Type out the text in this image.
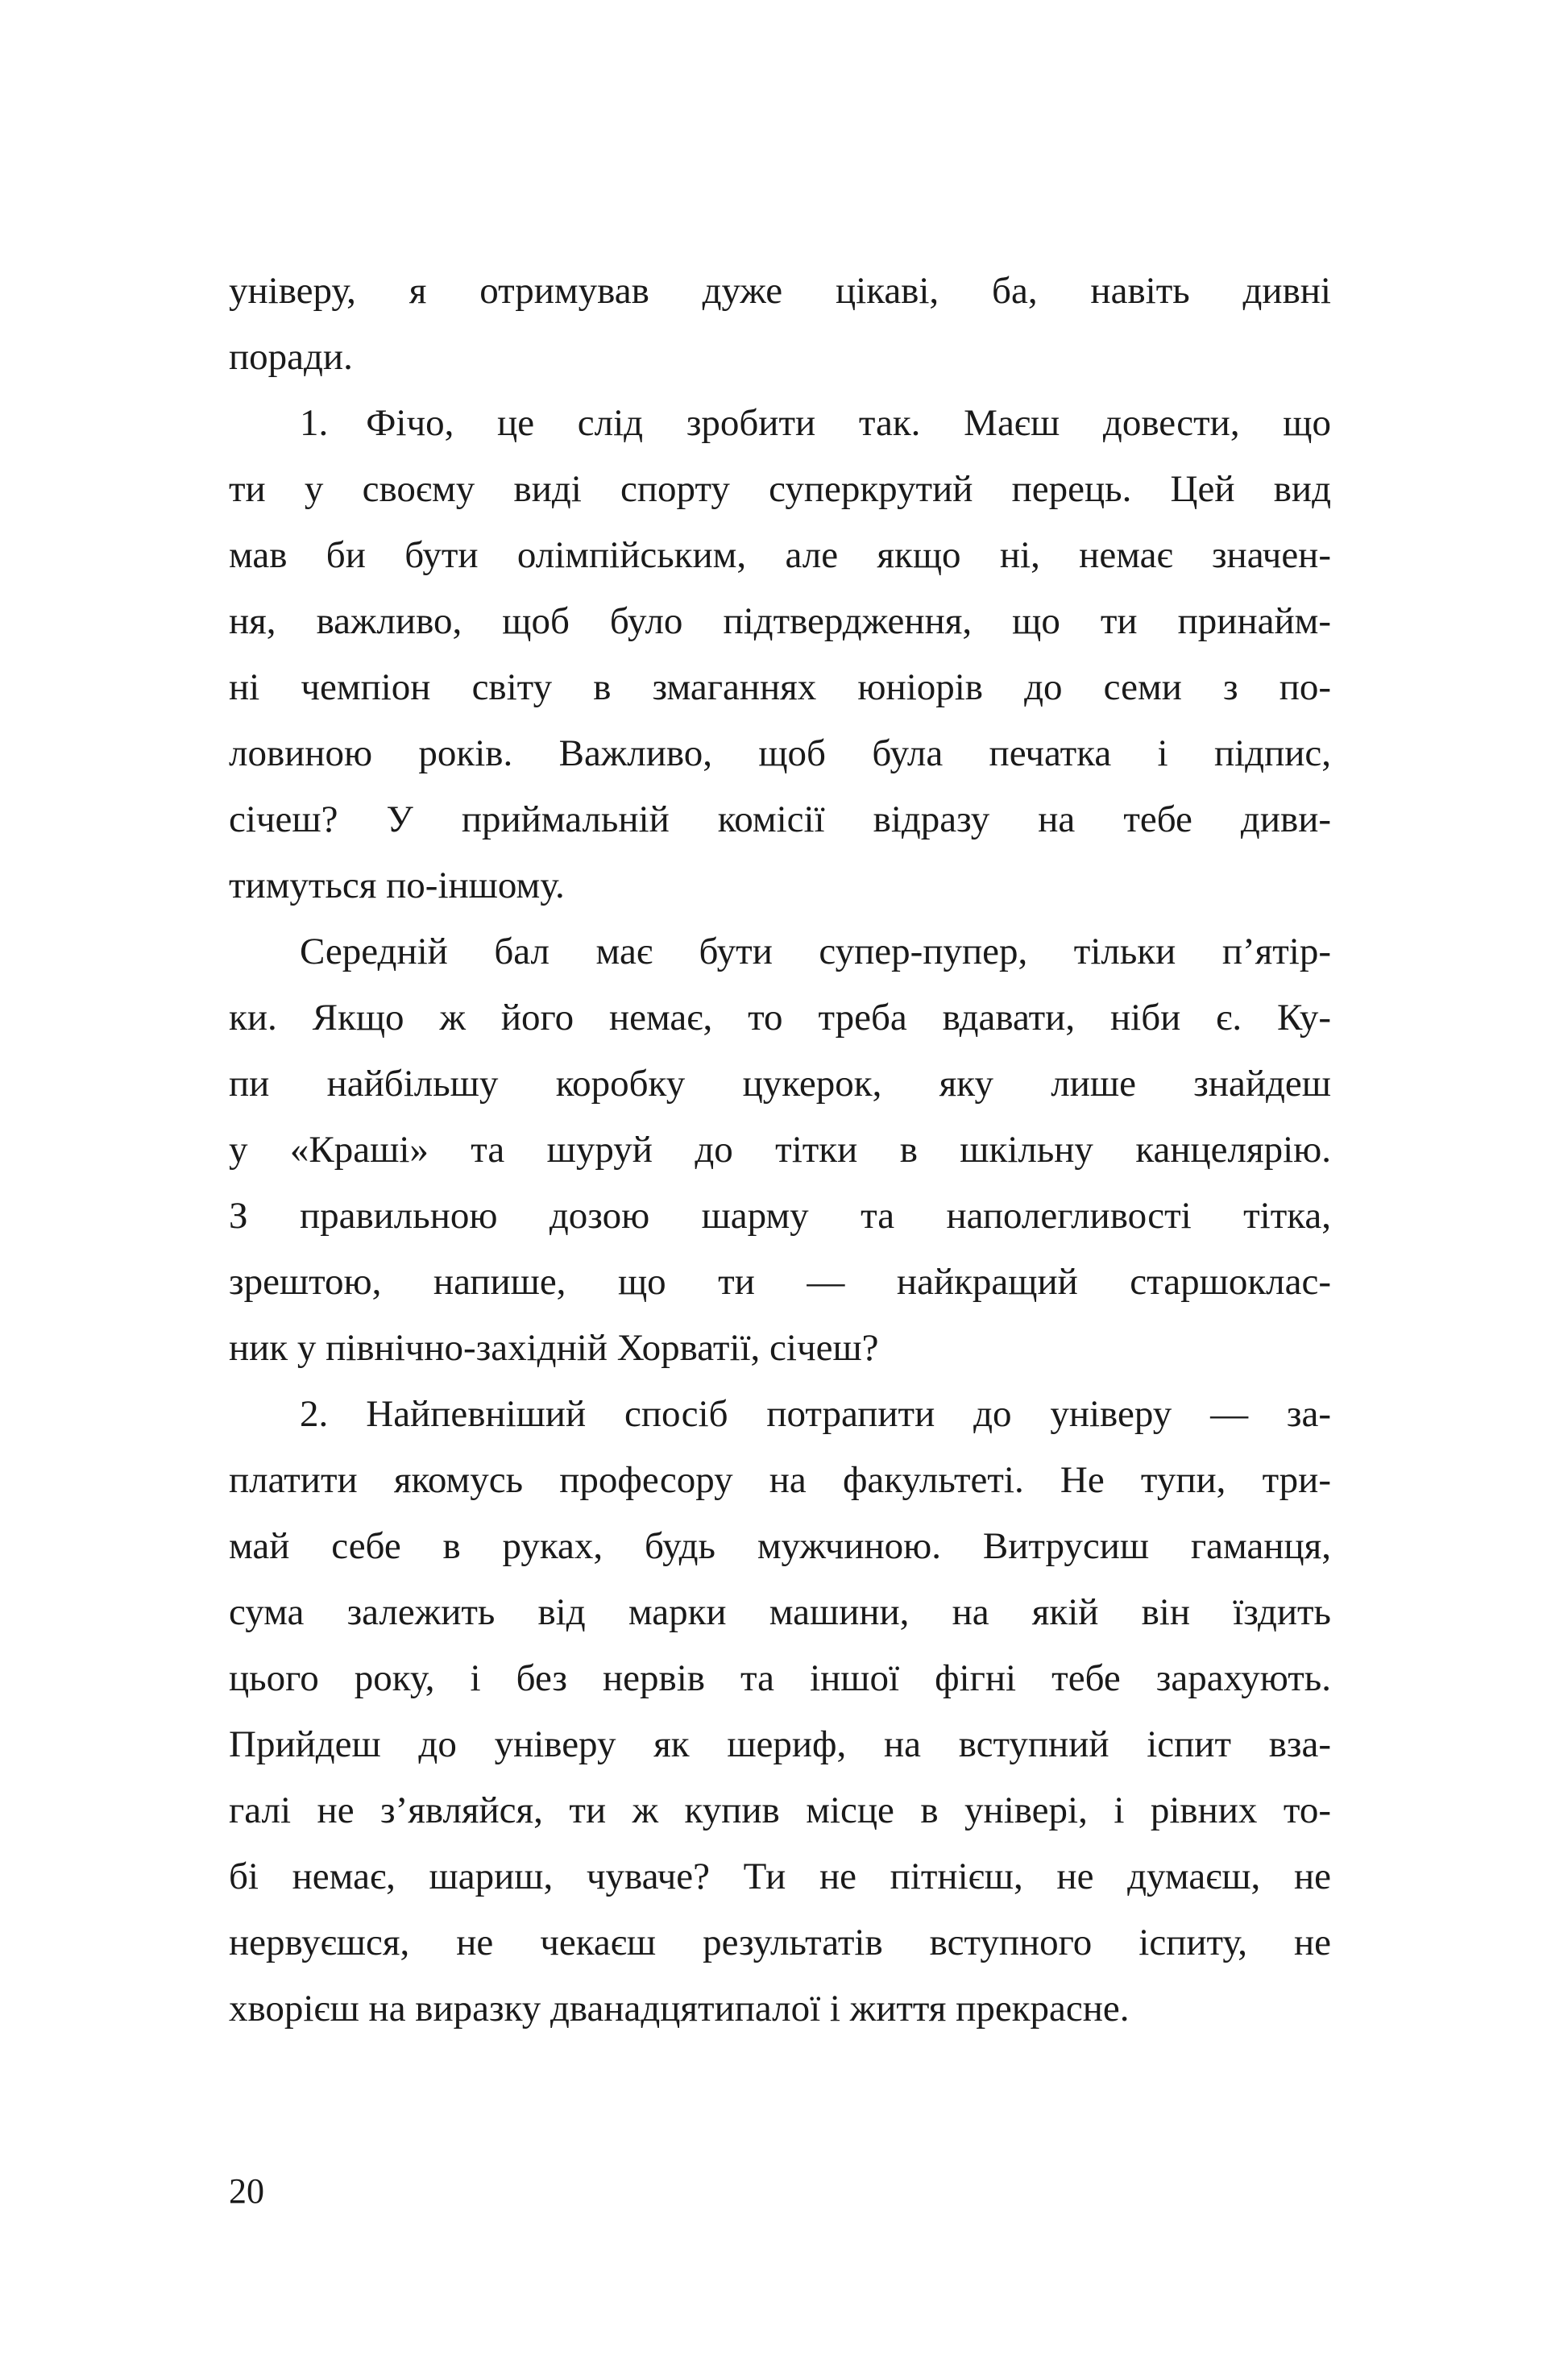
універу, я отримував дуже цікаві, ба, навіть дивні
поради.
1. Фічо, це слід зробити так. Маєш довести, що
ти у своєму виді спорту суперкрутий перець. Цей вид
мав би бути олімпійським, але якщо ні, немає значен-
ня, важливо, щоб було підтвердження, що ти принайм-
ні чемпіон світу в змаганнях юніорів до семи з по-
ловиною років. Важливо, щоб була печатка і підпис,
січеш? У приймальній комісії відразу на тебе диви-
тимуться по-іншому.
Середній бал має бути супер-пупер, тільки п’ятір-
ки. Якщо ж його немає, то треба вдавати, ніби є. Ку-
пи найбільшу коробку цукерок, яку лише знайдеш
у «Краші» та шуруй до тітки в шкільну канцелярію.
З правильною дозою шарму та наполегливості тітка,
зрештою, напише, що ти — найкращий старшоклас-
ник у північно-західній Хорватії, січеш?
2. Найпевніший спосіб потрапити до універу — за-
платити якомусь професору на факультеті. Не тупи, три-
май себе в руках, будь мужчиною. Витрусиш гаманця,
сума залежить від марки машини, на якій він їздить
цього року, і без нервів та іншої фігні тебе зарахують.
Прийдеш до універу як шериф, на вступний іспит вза-
галі не з’являйся, ти ж купив місце в універі, і рівних то-
бі немає, шариш, чуваче? Ти не пітнієш, не думаєш, не
нервуєшся, не чекаєш результатів вступного іспиту, не
хворієш на виразку дванадцятипалої і життя прекрасне.
20
